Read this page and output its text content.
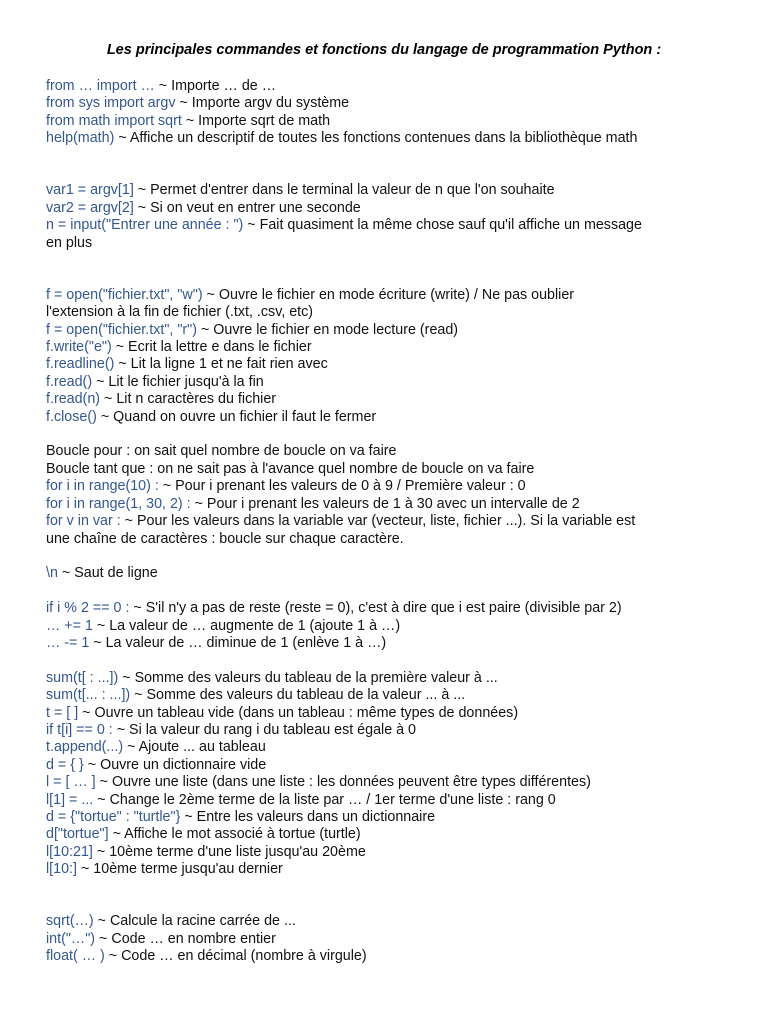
Les principales commandes et fonctions du langage de programmation Python :
from … import … ~ Importe … de …
from sys import argv ~ Importe argv du système
from math import sqrt ~ Importe sqrt de math
help(math) ~ Affiche un descriptif de toutes les fonctions contenues dans la bibliothèque math
var1 = argv[1] ~ Permet d'entrer dans le terminal la valeur de n que l'on souhaite
var2 = argv[2] ~ Si on veut en entrer une seconde
n = input("Entrer une année : ") ~ Fait quasiment la même chose sauf qu'il affiche un message
en plus
f = open("fichier.txt", "w") ~ Ouvre le fichier en mode écriture (write) / Ne pas oublier
l'extension à la fin de fichier (.txt, .csv, etc)
f = open("fichier.txt", "r") ~ Ouvre le fichier en mode lecture (read)
f.write("e") ~ Ecrit la lettre e dans le fichier
f.readline() ~ Lit la ligne 1 et ne fait rien avec
f.read() ~ Lit le fichier jusqu'à la fin
f.read(n) ~ Lit n caractères du fichier
f.close() ~ Quand on ouvre un fichier il faut le fermer
Boucle pour : on sait quel nombre de boucle on va faire
Boucle tant que : on ne sait pas à l'avance quel nombre de boucle on va faire
for i in range(10) : ~ Pour i prenant les valeurs de 0 à 9 / Première valeur : 0
for i in range(1, 30, 2) : ~ Pour i prenant les valeurs de 1 à 30 avec un intervalle de 2
for v in var : ~ Pour les valeurs dans la variable var (vecteur, liste, fichier ...). Si la variable est
une chaîne de caractères : boucle sur chaque caractère.
\n ~ Saut de ligne
if i % 2 == 0 : ~ S'il n'y a pas de reste (reste = 0), c'est à dire que i est paire (divisible par 2)
… += 1 ~ La valeur de … augmente de 1 (ajoute 1 à …)
… -= 1 ~ La valeur de … diminue de 1 (enlève 1 à …)
sum(t[ : ...]) ~ Somme des valeurs du tableau de la première valeur à ...
sum(t[... : ...]) ~ Somme des valeurs du tableau de la valeur ... à ...
t = [ ] ~ Ouvre un tableau vide (dans un tableau : même types de données)
if t[i] == 0 : ~ Si la valeur du rang i du tableau est égale à 0
t.append(...) ~ Ajoute ... au tableau
d = { } ~ Ouvre un dictionnaire vide
l = [ … ] ~ Ouvre une liste (dans une liste : les données peuvent être types différentes)
l[1] = ... ~ Change le 2ème terme de la liste par … / 1er terme d'une liste : rang 0
d = {"tortue" : "turtle"} ~ Entre les valeurs dans un dictionnaire
d["tortue"] ~ Affiche le mot associé à tortue (turtle)
l[10:21] ~ 10ème terme d'une liste jusqu'au 20ème
l[10:] ~ 10ème terme jusqu'au dernier
sqrt(…) ~ Calcule la racine carrée de ...
int("…") ~ Code … en nombre entier
float( … ) ~ Code … en décimal (nombre à virgule)
